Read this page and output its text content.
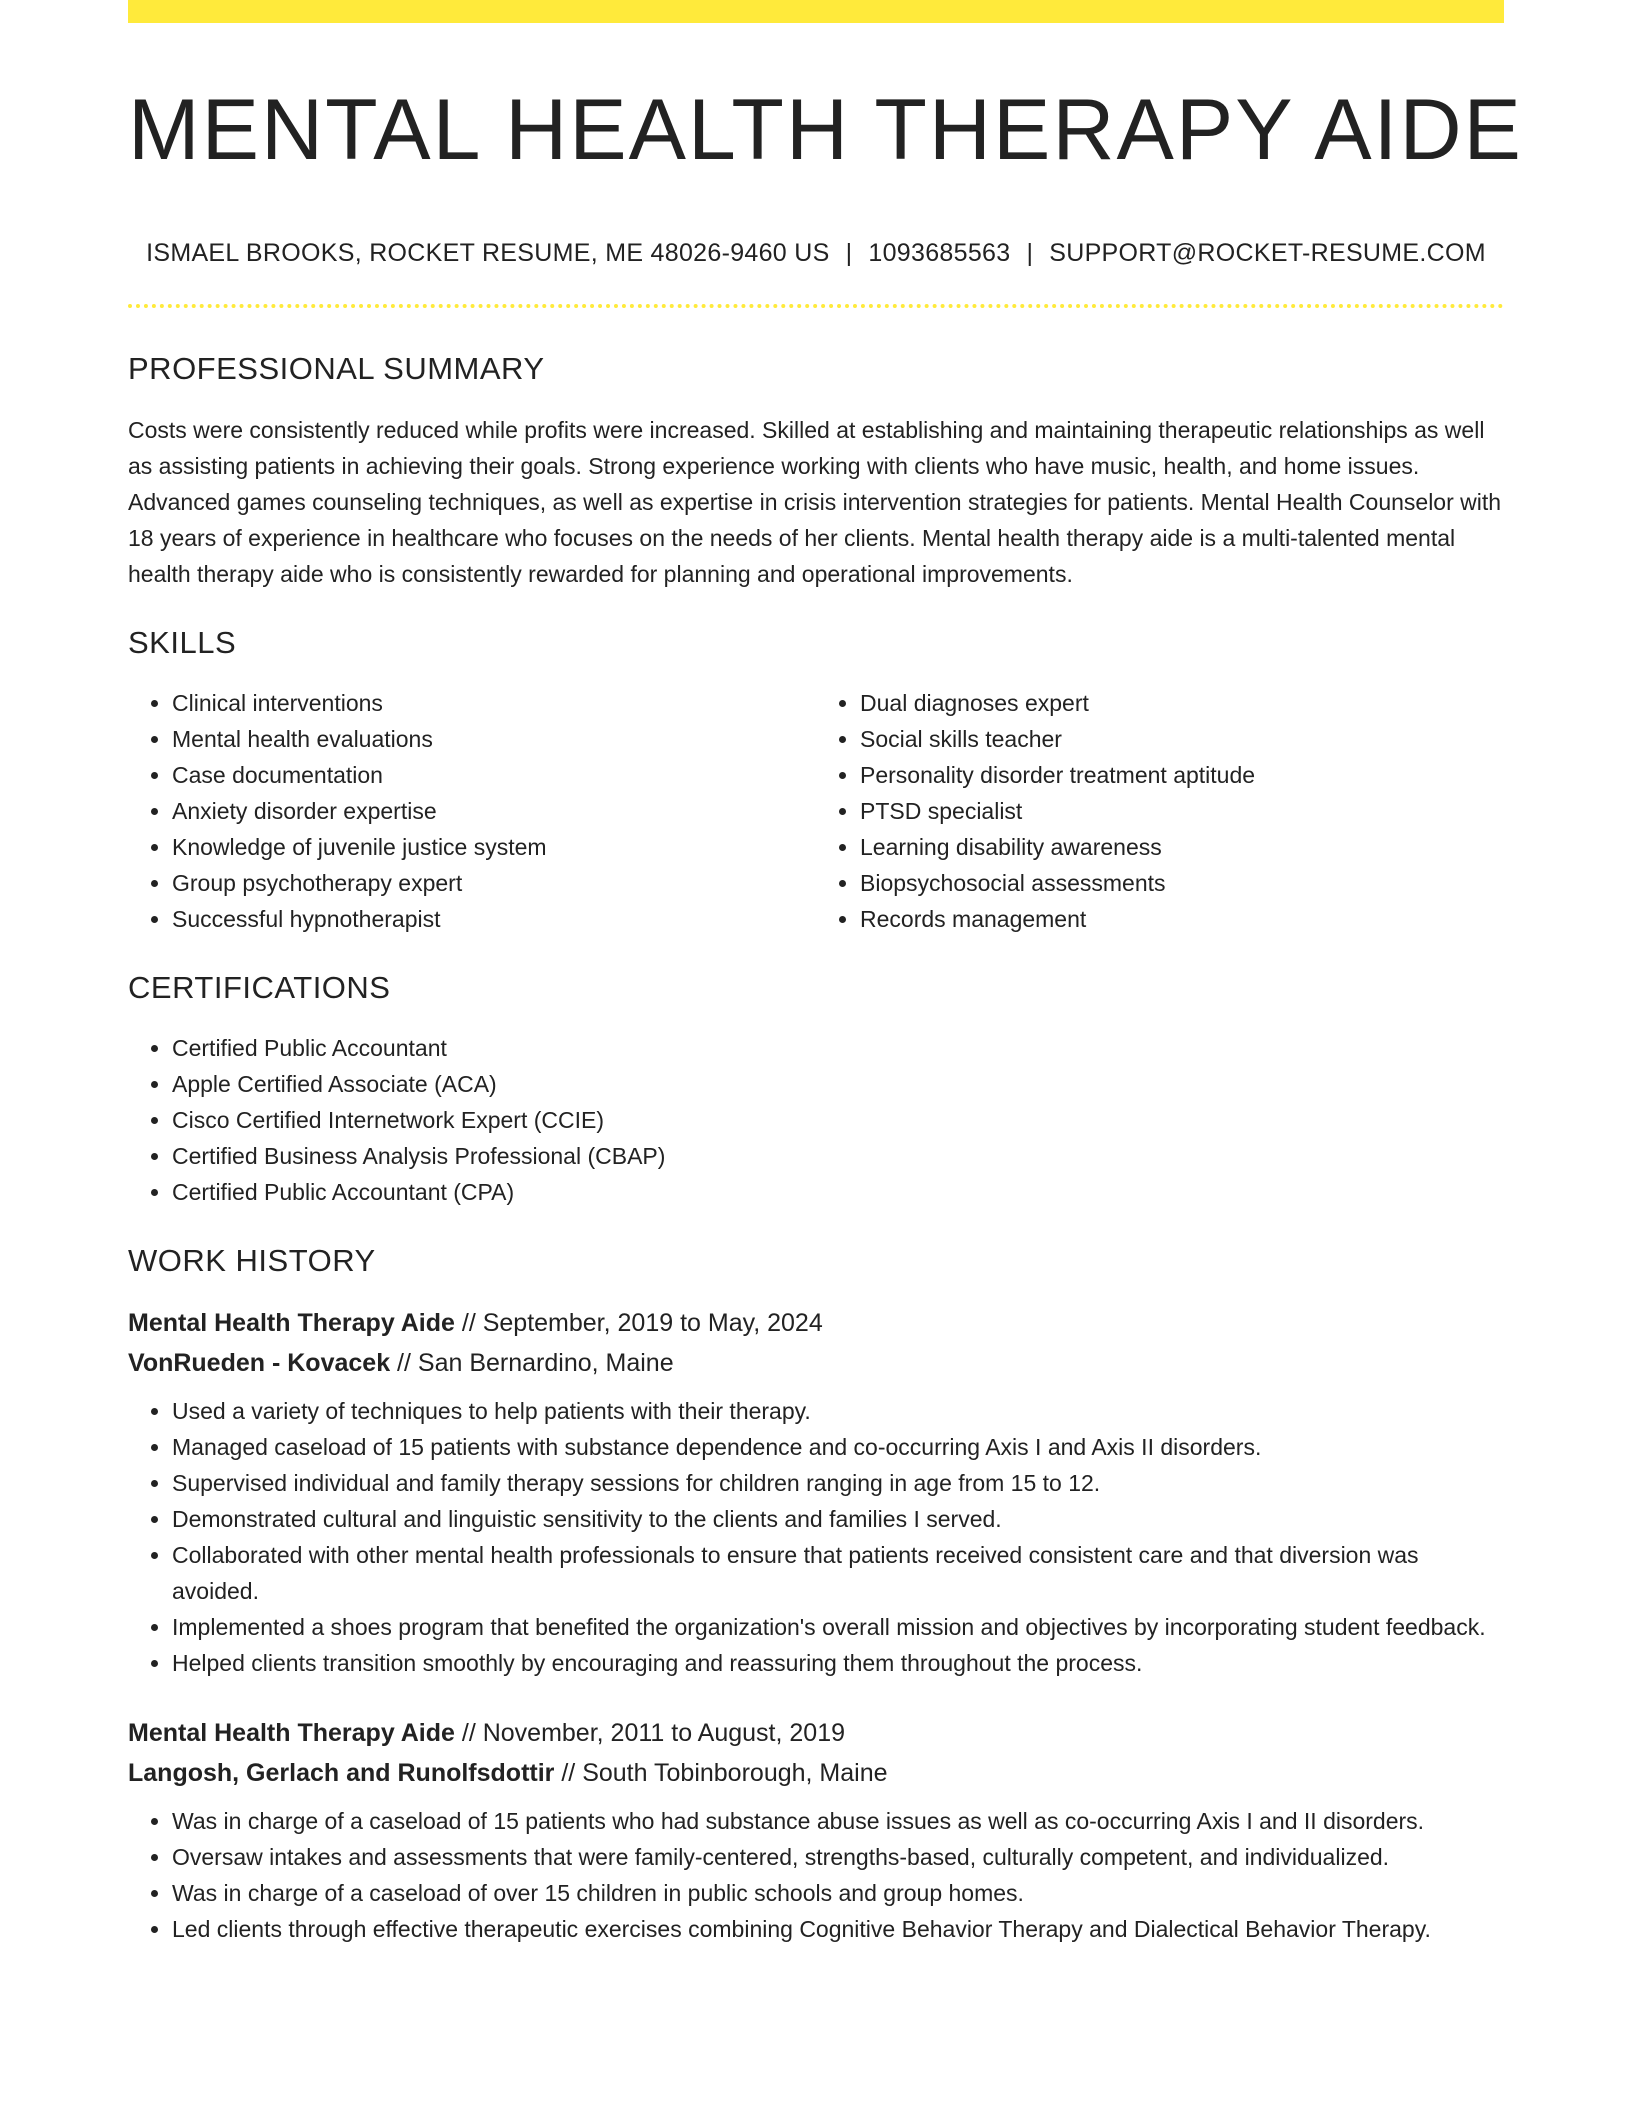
MENTAL HEALTH THERAPY AIDE
ISMAEL BROOKS, ROCKET RESUME, ME 48026-9460 US | 1093685563 | SUPPORT@ROCKET-RESUME.COM
PROFESSIONAL SUMMARY

Costs were consistently reduced while profits were increased. Skilled at establishing and maintaining therapeutic relationships as well as assisting patients in achieving their goals. Strong experience working with clients who have music, health, and home issues. Advanced games counseling techniques, as well as expertise in crisis intervention strategies for patients. Mental Health Counselor with 18 years of experience in healthcare who focuses on the needs of her clients. Mental health therapy aide is a multi-talented mental health therapy aide who is consistently rewarded for planning and operational improvements.

SKILLS
• Clinical interventions
• Mental health evaluations
• Case documentation
• Anxiety disorder expertise
• Knowledge of juvenile justice system
• Group psychotherapy expert
• Successful hypnotherapist
• Dual diagnoses expert
• Social skills teacher
• Personality disorder treatment aptitude
• PTSD specialist
• Learning disability awareness
• Biopsychosocial assessments
• Records management
CERTIFICATIONS
• Certified Public Accountant
• Apple Certified Associate (ACA)
• Cisco Certified Internetwork Expert (CCIE)
• Certified Business Analysis Professional (CBAP)
• Certified Public Accountant (CPA)
WORK HISTORY
Mental Health Therapy Aide // September, 2019 to May, 2024
VonRueden - Kovacek // San Bernardino, Maine
• Used a variety of techniques to help patients with their therapy.
• Managed caseload of 15 patients with substance dependence and co-occurring Axis I and Axis II disorders.
• Supervised individual and family therapy sessions for children ranging in age from 15 to 12.
• Demonstrated cultural and linguistic sensitivity to the clients and families I served.
• Collaborated with other mental health professionals to ensure that patients received consistent care and that diversion was avoided.
• Implemented a shoes program that benefited the organization's overall mission and objectives by incorporating student feedback.
• Helped clients transition smoothly by encouraging and reassuring them throughout the process.
Mental Health Therapy Aide // November, 2011 to August, 2019
Langosh, Gerlach and Runolfsdottir // South Tobinborough, Maine
• Was in charge of a caseload of 15 patients who had substance abuse issues as well as co-occurring Axis I and II disorders.
• Oversaw intakes and assessments that were family-centered, strengths-based, culturally competent, and individualized.
• Was in charge of a caseload of over 15 children in public schools and group homes.
• Led clients through effective therapeutic exercises combining Cognitive Behavior Therapy and Dialectical Behavior Therapy.
